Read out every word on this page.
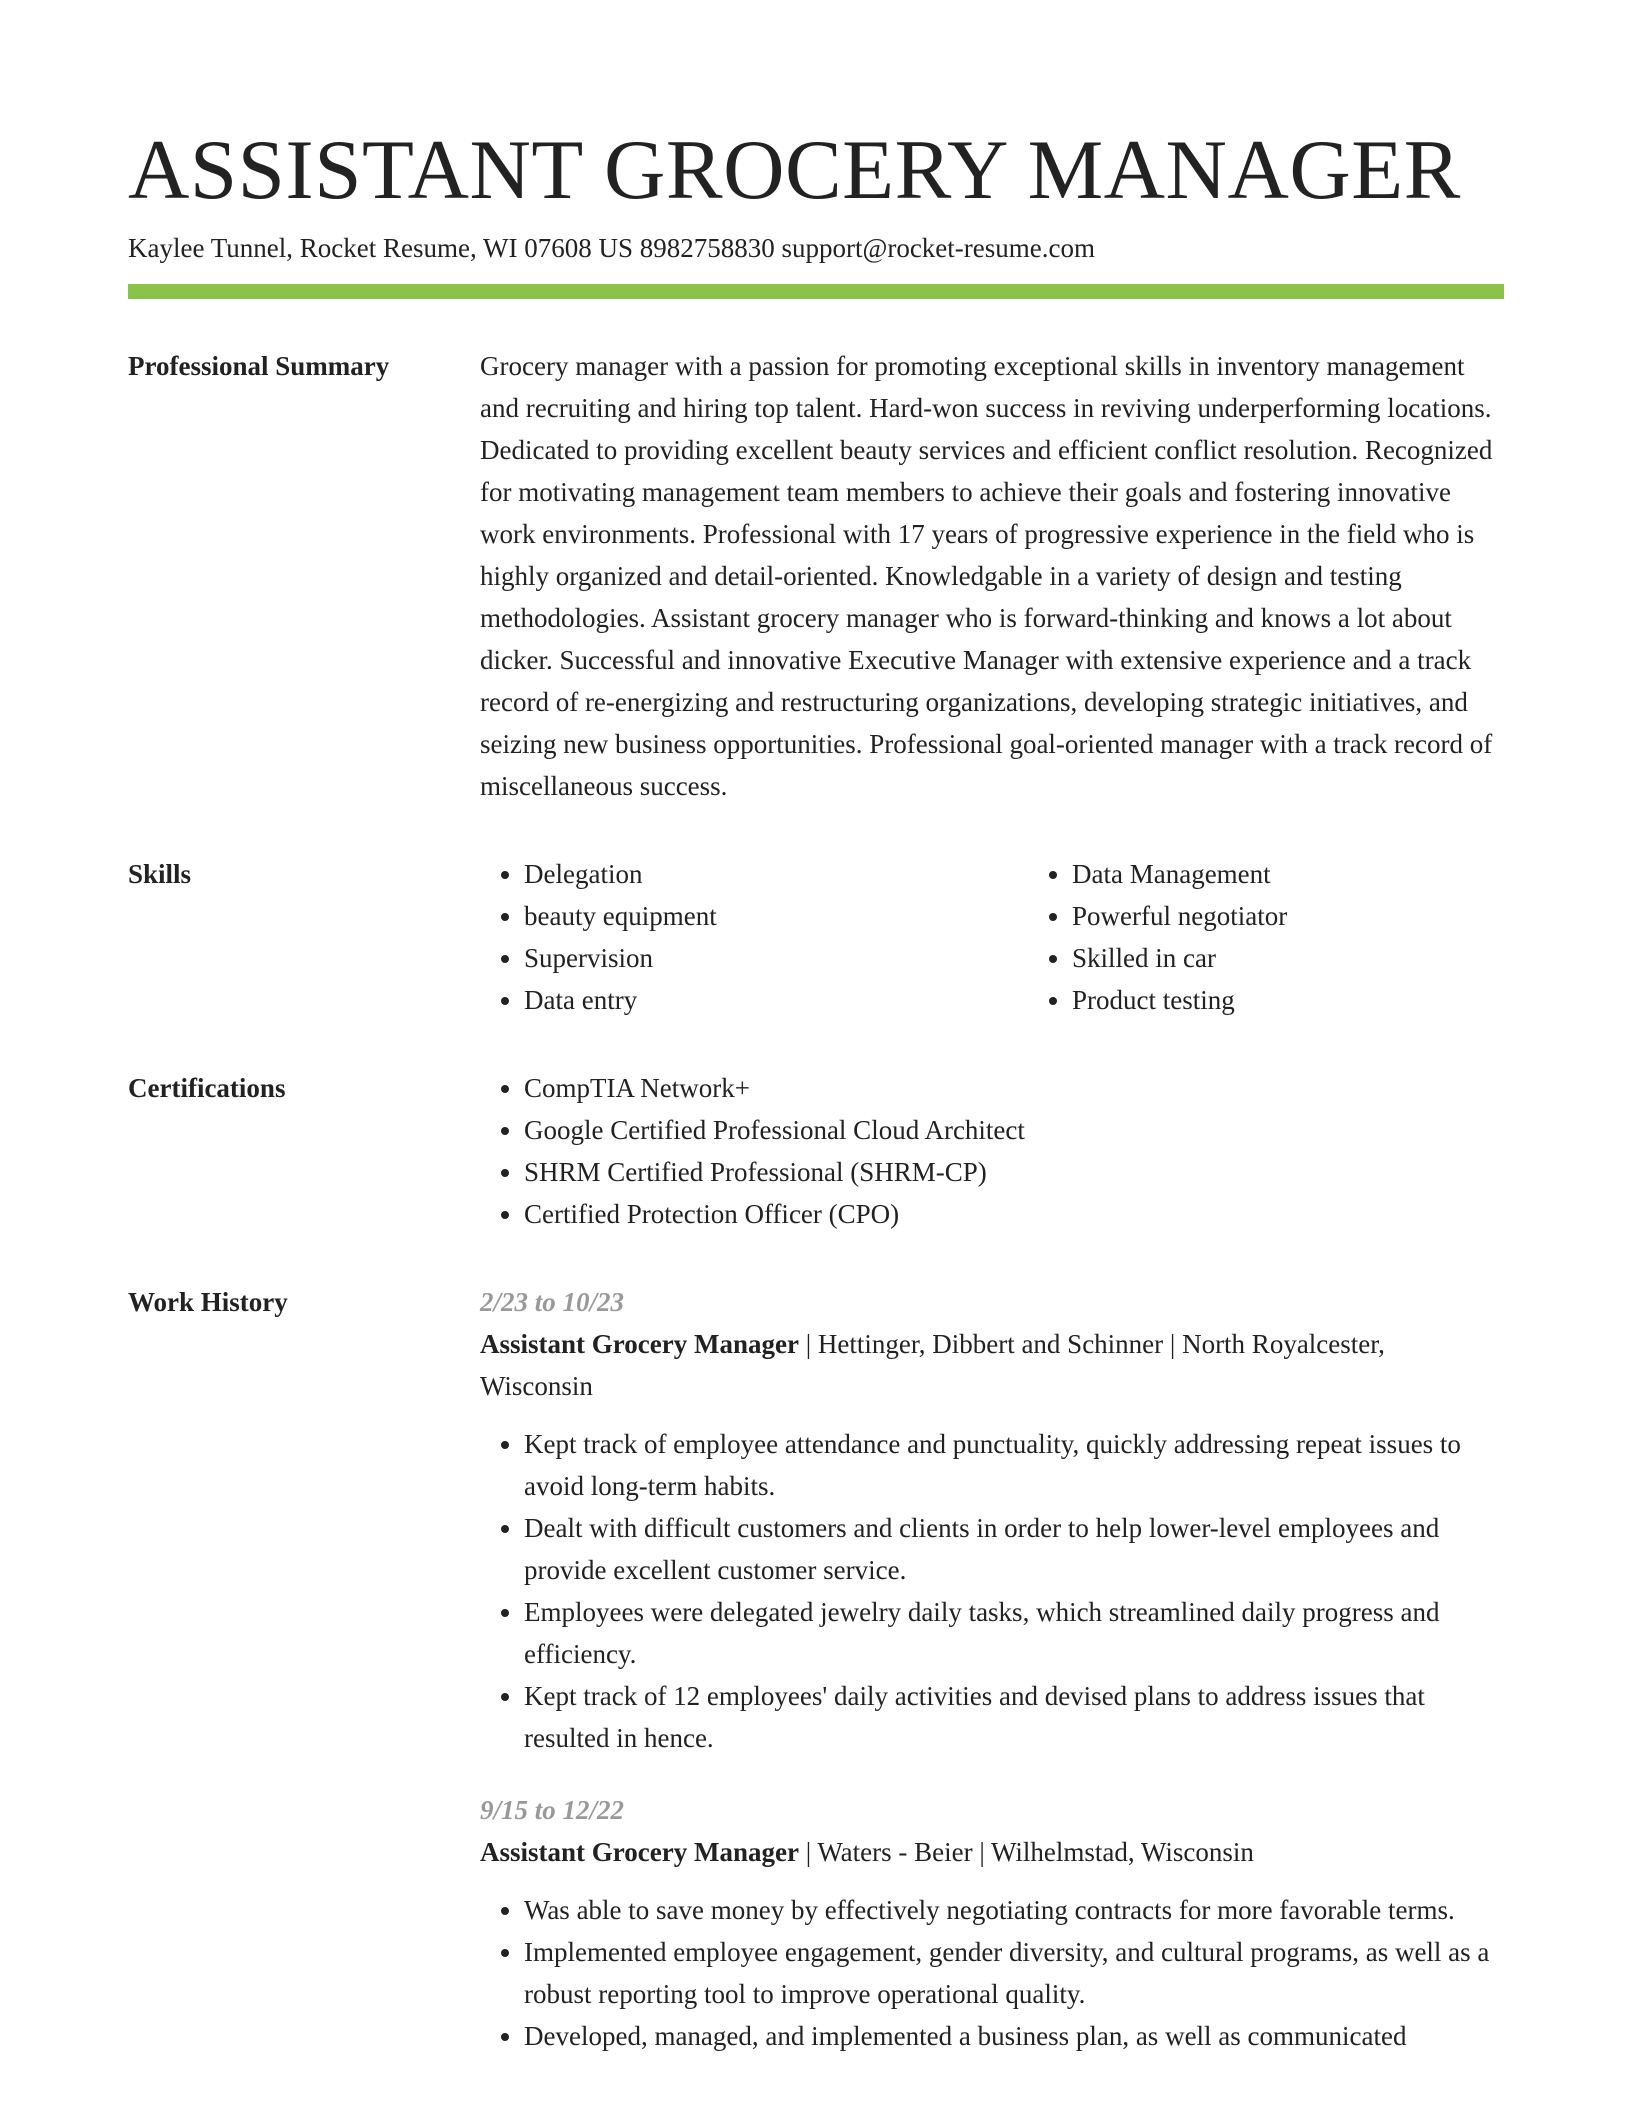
ASSISTANT GROCERY MANAGER
Kaylee Tunnel, Rocket Resume, WI 07608 US 8982758830 support@rocket-resume.com
Professional Summary	Grocery manager with a passion for promoting exceptional skills in inventory management and recruiting and hiring top talent. Hard-won success in reviving underperforming locations. Dedicated to providing excellent beauty services and efficient conflict resolution. Recognized for motivating management team members to achieve their goals and fostering innovative work environments. Professional with 17 years of progressive experience in the field who is highly organized and detail-oriented. Knowledgable in a variety of design and testing methodologies. Assistant grocery manager who is forward-thinking and knows a lot about dicker. Successful and innovative Executive Manager with extensive experience and a track record of re-energizing and restructuring organizations, developing strategic initiatives, and seizing new business opportunities. Professional goal-oriented manager with a track record of miscellaneous success.

Skills	• Delegation
• beauty equipment
• Supervision
• Data entry
• Data Management
• Powerful negotiator
• Skilled in car
• Product testing
Certifications	• CompTIA Network+
• Google Certified Professional Cloud Architect
• SHRM Certified Professional (SHRM-CP)
• Certified Protection Officer (CPO)
Work History	2/23 to 10/23
Assistant Grocery Manager | Hettinger, Dibbert and Schinner | North Royalcester, Wisconsin
• Kept track of employee attendance and punctuality, quickly addressing repeat issues to avoid long-term habits.
• Dealt with difficult customers and clients in order to help lower-level employees and provide excellent customer service.
• Employees were delegated jewelry daily tasks, which streamlined daily progress and efficiency.
• Kept track of 12 employees' daily activities and devised plans to address issues that resulted in hence.
9/15 to 12/22
Assistant Grocery Manager | Waters - Beier | Wilhelmstad, Wisconsin
• Was able to save money by effectively negotiating contracts for more favorable terms.
• Implemented employee engagement, gender diversity, and cultural programs, as well as a robust reporting tool to improve operational quality.
• Developed, managed, and implemented a business plan, as well as communicated
